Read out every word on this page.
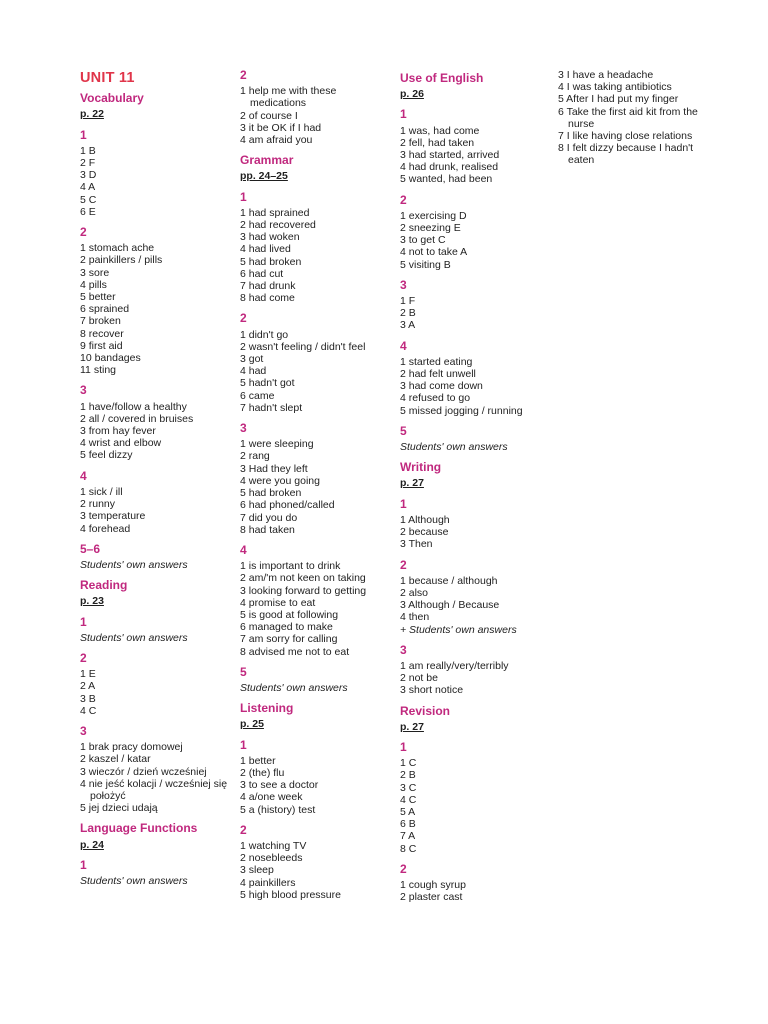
UNIT 11
Vocabulary
p. 22
1
1 B
2 F
3 D
4 A
5 C
6 E
2
1 stomach ache
2 painkillers / pills
3 sore
4 pills
5 better
6 sprained
7 broken
8 recover
9 first aid
10 bandages
11 sting
3
1 have/follow a healthy
2 all / covered in bruises
3 from hay fever
4 wrist and elbow
5 feel dizzy
4
1 sick / ill
2 runny
3 temperature
4 forehead
5–6
Students' own answers
Reading
p. 23
1
Students' own answers
2
1 E
2 A
3 B
4 C
3
1 brak pracy domowej
2 kaszel / katar
3 wieczór / dzień wcześniej
4 nie jeść kolacji / wcześniej się położyć
5 jej dzieci udają
Language Functions
p. 24
1
Students' own answers
2
1 help me with these medications
2 of course I
3 it be OK if I had
4 am afraid you
Grammar
pp. 24–25
1
1 had sprained
2 had recovered
3 had woken
4 had lived
5 had broken
6 had cut
7 had drunk
8 had come
2
1 didn't go
2 wasn't feeling / didn't feel
3 got
4 had
5 hadn't got
6 came
7 hadn't slept
3
1 were sleeping
2 rang
3 Had they left
4 were you going
5 had broken
6 had phoned/called
7 did you do
8 had taken
4
1 is important to drink
2 am/'m not keen on taking
3 looking forward to getting
4 promise to eat
5 is good at following
6 managed to make
7 am sorry for calling
8 advised me not to eat
5
Students' own answers
Listening
p. 25
1
1 better
2 (the) flu
3 to see a doctor
4 a/one week
5 a (history) test
2
1 watching TV
2 nosebleeds
3 sleep
4 painkillers
5 high blood pressure
Use of English
p. 26
1
1 was, had come
2 fell, had taken
3 had started, arrived
4 had drunk, realised
5 wanted, had been
2
1 exercising D
2 sneezing E
3 to get C
4 not to take A
5 visiting B
3
1 F
2 B
3 A
4
1 started eating
2 had felt unwell
3 had come down
4 refused to go
5 missed jogging / running
5
Students' own answers
Writing
p. 27
1
1 Although
2 because
3 Then
2
1 because / although
2 also
3 Although / Because
4 then
+ Students' own answers
3
1 am really/very/terribly
2 not be
3 short notice
Revision
p. 27
1
1 C
2 B
3 C
4 C
5 A
6 B
7 A
8 C
2
1 cough syrup
2 plaster cast
3 I have a headache
4 I was taking antibiotics
5 After I had put my finger
6 Take the first aid kit from the nurse
7 I like having close relations
8 I felt dizzy because I hadn't eaten
